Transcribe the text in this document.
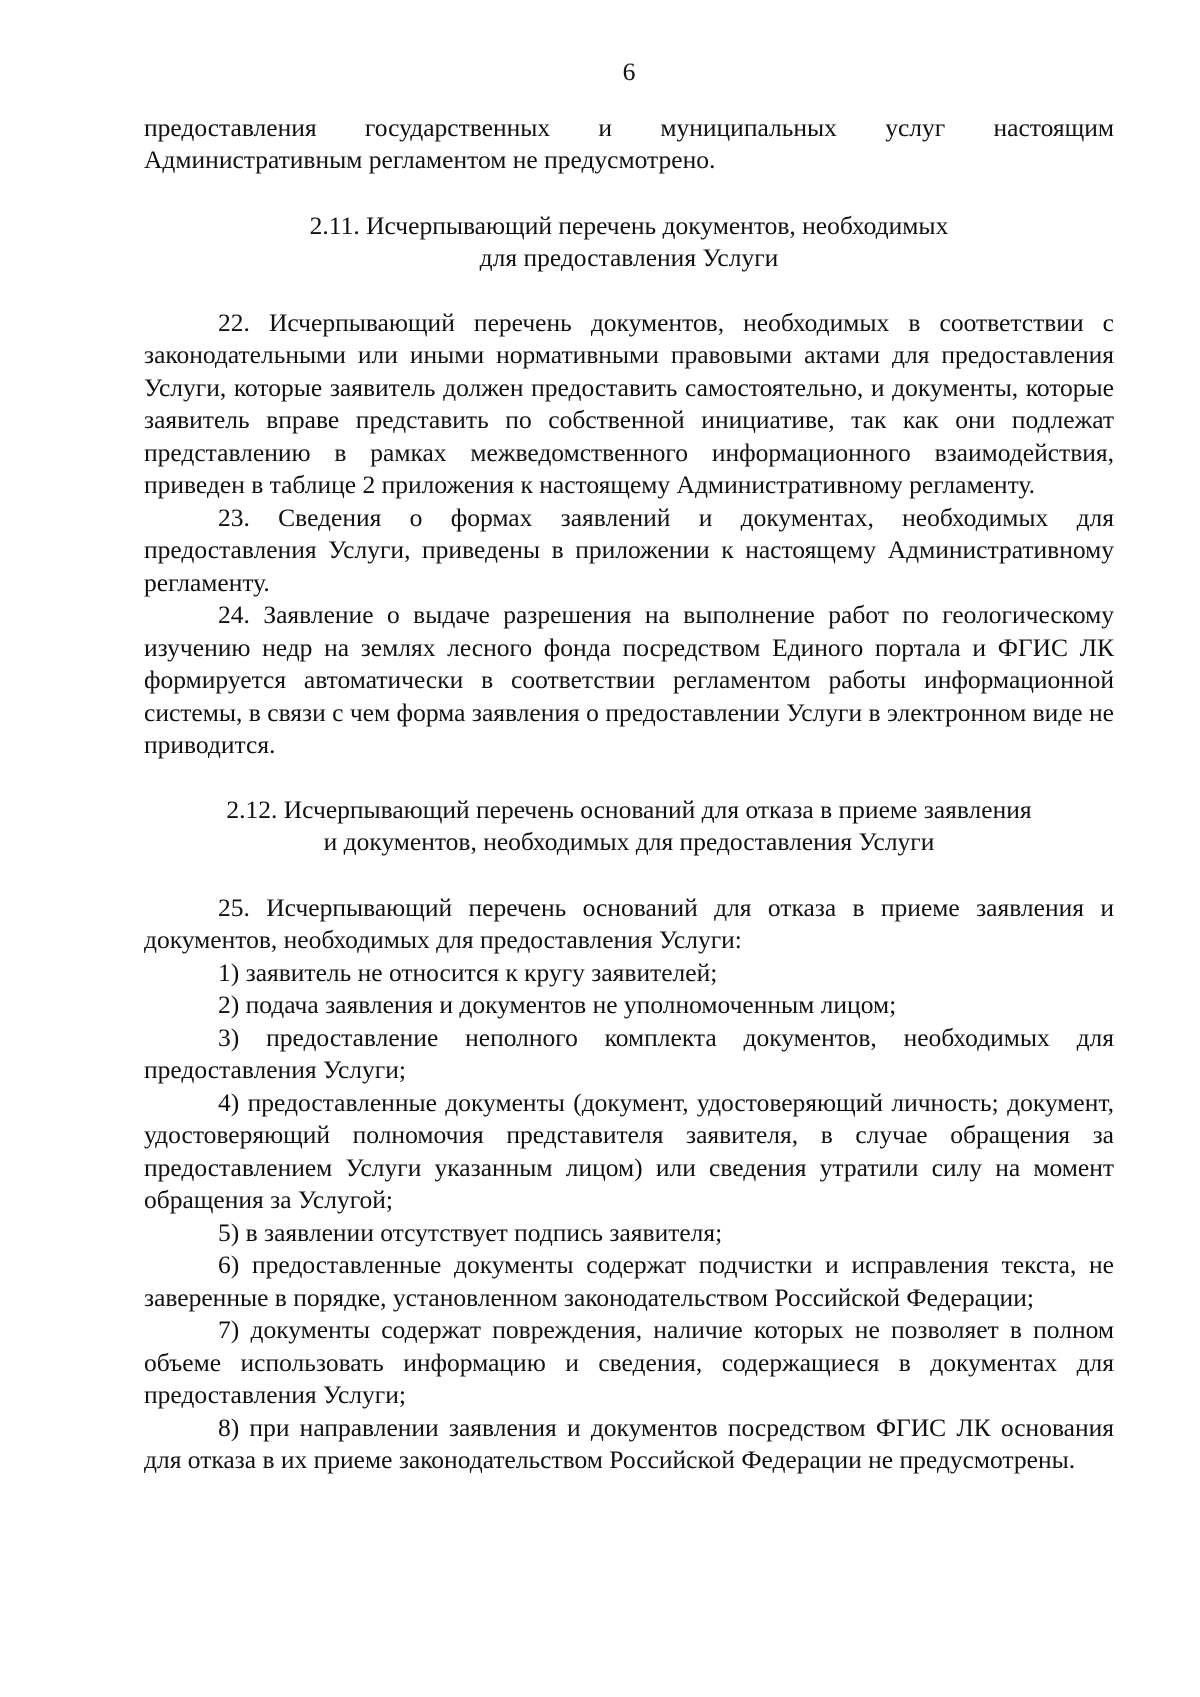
6

предоставления государственных и муниципальных услуг настоящим Административным регламентом не предусмотрено.

2.11. Исчерпывающий перечень документов, необходимых
для предоставления Услуги

22. Исчерпывающий перечень документов, необходимых в соответствии с законодательными или иными нормативными правовыми актами для предоставления Услуги, которые заявитель должен предоставить самостоятельно, и документы, которые заявитель вправе представить по собственной инициативе, так как они подлежат представлению в рамках межведомственного информационного взаимодействия, приведен в таблице 2 приложения к настоящему Административному регламенту.

23. Сведения о формах заявлений и документах, необходимых для предоставления Услуги, приведены в приложении к настоящему Административному регламенту.

24. Заявление о выдаче разрешения на выполнение работ по геологическому изучению недр на землях лесного фонда посредством Единого портала и ФГИС ЛК формируется автоматически в соответствии регламентом работы информационной системы, в связи с чем форма заявления о предоставлении Услуги в электронном виде не приводится.

2.12. Исчерпывающий перечень оснований для отказа в приеме заявления
и документов, необходимых для предоставления Услуги

25. Исчерпывающий перечень оснований для отказа в приеме заявления и документов, необходимых для предоставления Услуги:

1) заявитель не относится к кругу заявителей;

2) подача заявления и документов не уполномоченным лицом;

3) предоставление неполного комплекта документов, необходимых для предоставления Услуги;

4) предоставленные документы (документ, удостоверяющий личность; документ, удостоверяющий полномочия представителя заявителя, в случае обращения за предоставлением Услуги указанным лицом) или сведения утратили силу на момент обращения за Услугой;

5) в заявлении отсутствует подпись заявителя;

6) предоставленные документы содержат подчистки и исправления текста, не заверенные в порядке, установленном законодательством Российской Федерации;

7) документы содержат повреждения, наличие которых не позволяет в полном объеме использовать информацию и сведения, содержащиеся в документах для предоставления Услуги;

8) при направлении заявления и документов посредством ФГИС ЛК основания для отказа в их приеме законодательством Российской Федерации не предусмотрены.
